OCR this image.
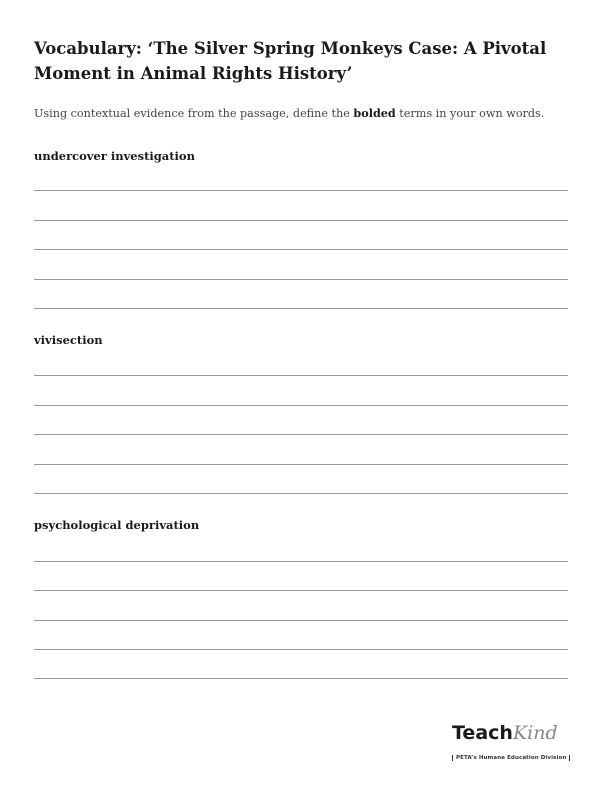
Vocabulary: ‘The Silver Spring Monkeys Case: A Pivotal
Moment in Animal Rights History’

Using contextual evidence from the passage, define the bolded terms in your own words.

undercover investigation
vivisection
psychological deprivation
TeachKind
PETA’s Humane Education Division
